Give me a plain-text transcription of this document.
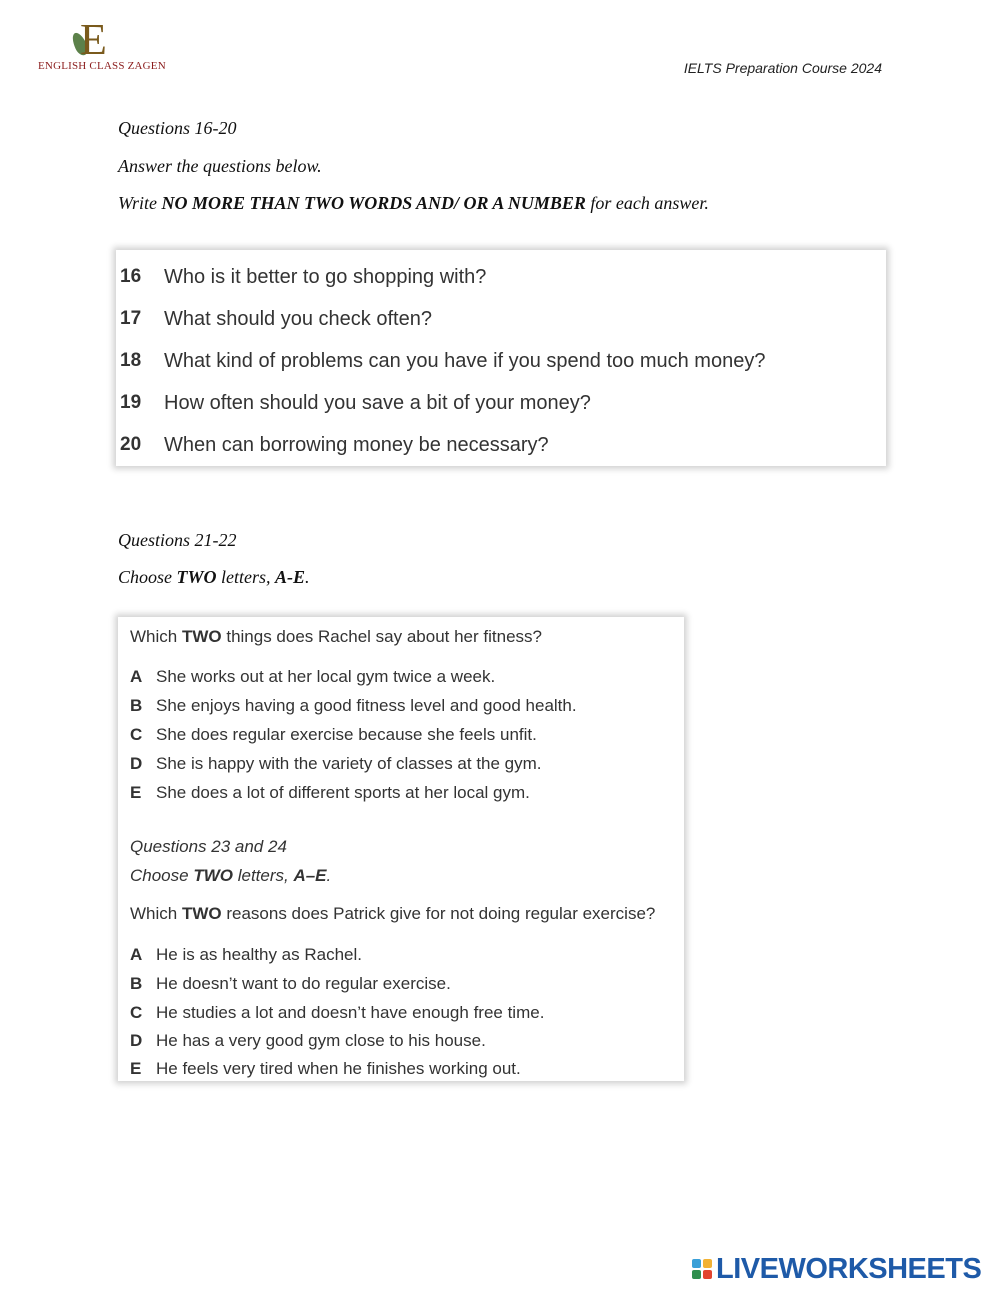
E
ENGLISH CLASS ZAGEN	IELTS Preparation Course 2024
Questions 16-20
Answer the questions below.
Write NO MORE THAN TWO WORDS AND/ OR A NUMBER for each answer.
16	Who is it better to go shopping with?
17	What should you check often?
18	What kind of problems can you have if you spend too much money?
19	How often should you save a bit of your money?
20	When can borrowing money be necessary?
Questions 21-22
Choose TWO letters, A-E.
Which TWO things does Rachel say about her fitness?
A She works out at her local gym twice a week.
B She enjoys having a good fitness level and good health.
C She does regular exercise because she feels unfit.
D She is happy with the variety of classes at the gym.
E She does a lot of different sports at her local gym.
Questions 23 and 24
Choose TWO letters, A–E.
Which TWO reasons does Patrick give for not doing regular exercise?
A He is as healthy as Rachel.
B He doesn’t want to do regular exercise.
C He studies a lot and doesn’t have enough free time.
D He has a very good gym close to his house.
E He feels very tired when he finishes working out.
LIVEWORKSHEETS
